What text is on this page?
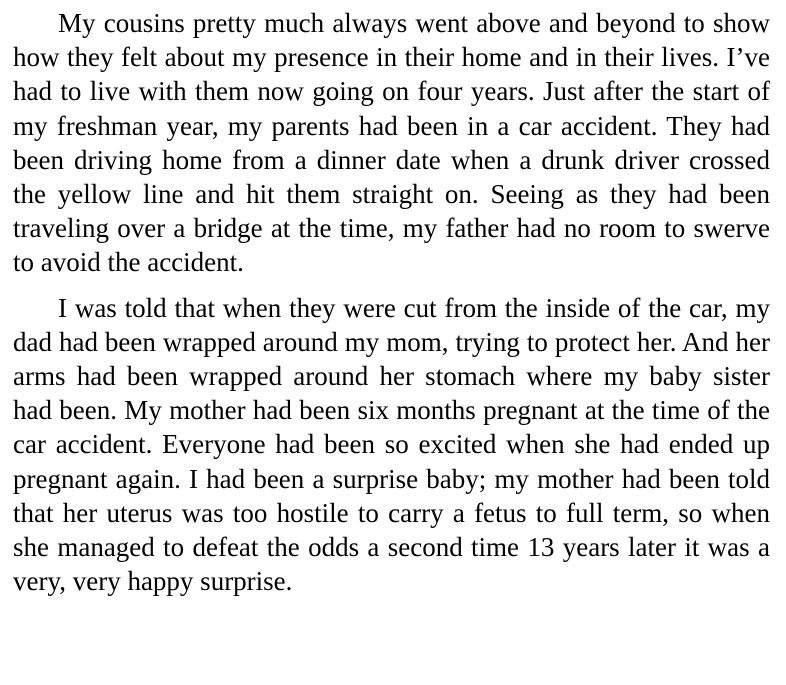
My cousins pretty much always went above and beyond to show how they felt about my presence in their home and in their lives. I’ve had to live with them now going on four years. Just after the start of my freshman year, my parents had been in a car accident. They had been driving home from a dinner date when a drunk driver crossed the yellow line and hit them straight on. Seeing as they had been traveling over a bridge at the time, my father had no room to swerve to avoid the accident.

I was told that when they were cut from the inside of the car, my dad had been wrapped around my mom, trying to protect her. And her arms had been wrapped around her stomach where my baby sister had been. My mother had been six months pregnant at the time of the car accident. Everyone had been so excited when she had ended up pregnant again. I had been a surprise baby; my mother had been told that her uterus was too hostile to carry a fetus to full term, so when she managed to defeat the odds a second time 13 years later it was a very, very happy surprise.
